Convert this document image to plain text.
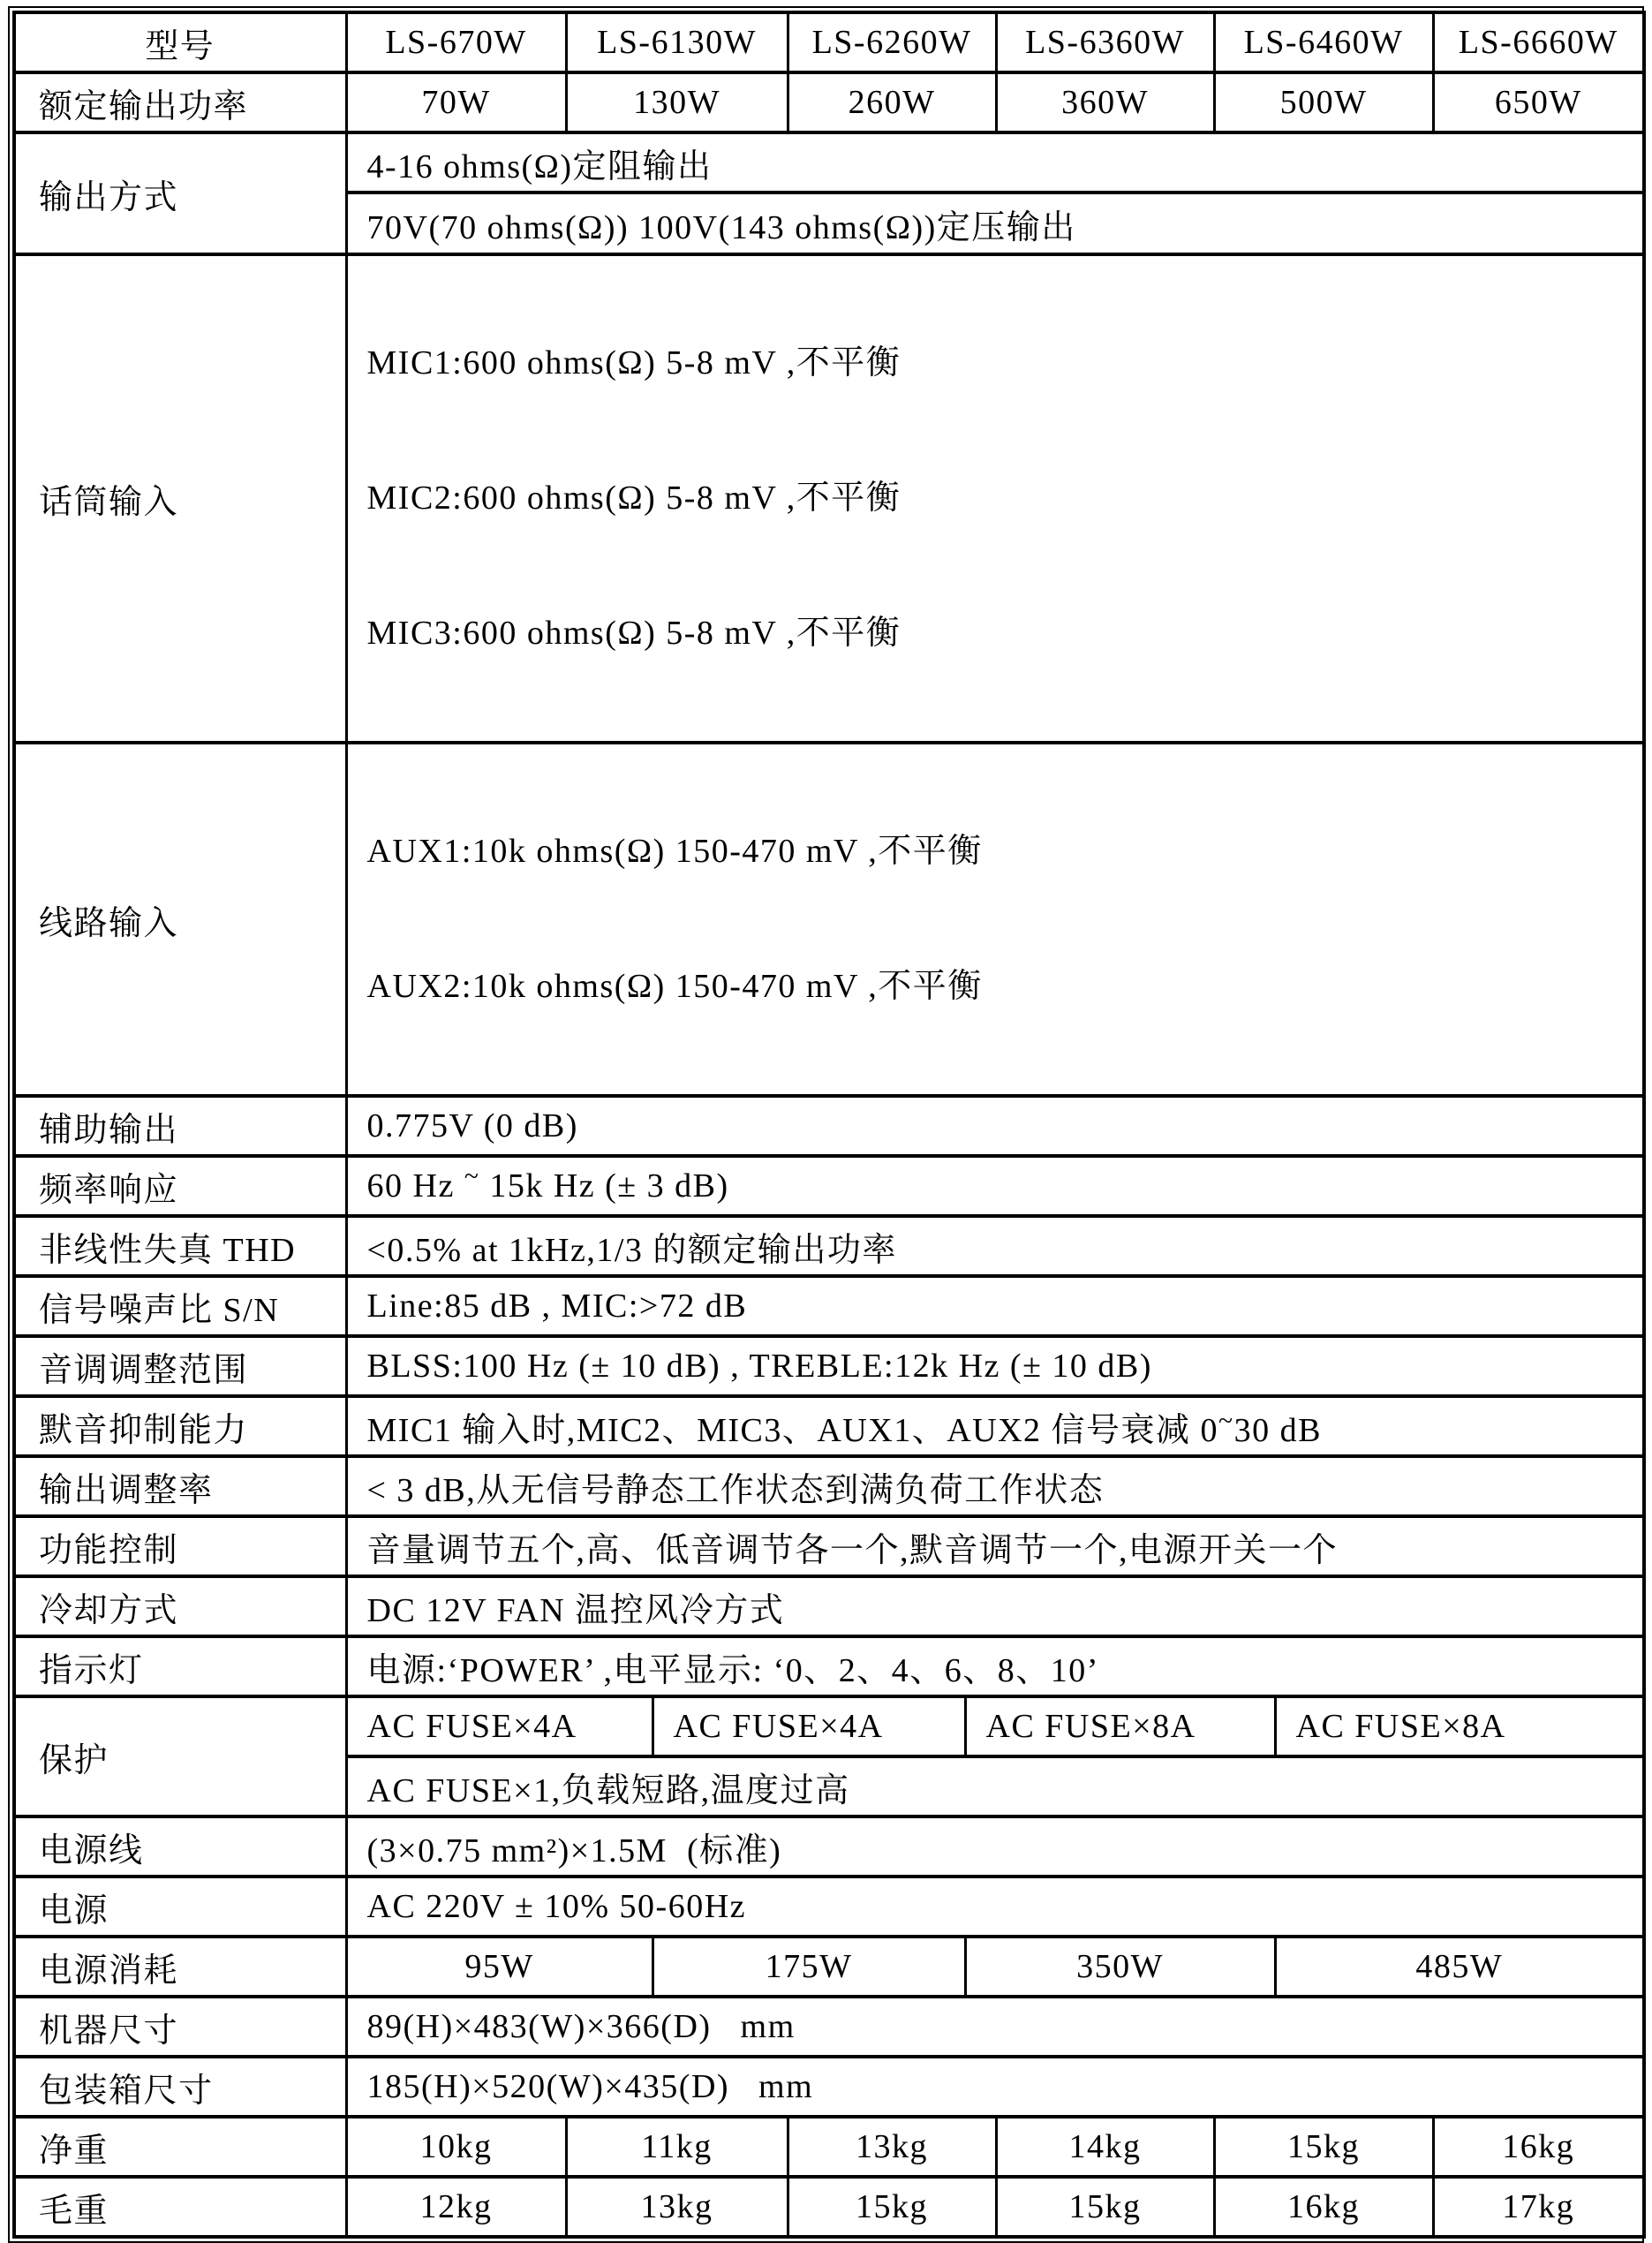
型号	LS-670W	LS-6130W		LS-6260W		LS-6360W	LS-6460W		LS-6660W
额定输出功率	70W	130W		260W		360W	500W		650W
输出方式	4-16 ohms(Ω)定阻输出								
	70V(70 ohms(Ω)) 100V(143 ohms(Ω))定压输出								
话筒输入	MIC1:600 ohms(Ω) 5-8 mV ,不平衡

MIC2:600 ohms(Ω) 5-8 mV ,不平衡

MIC3:600 ohms(Ω) 5-8 mV ,不平衡								

线路输入	AUX1:10k ohms(Ω) 150-470 mV ,不平衡

AUX2:10k ohms(Ω) 150-470 mV ,不平衡								

辅助输出	0.775V (0 dB)								
频率响应	60 Hz ~ 15k Hz (± 3 dB)								
非线性失真 THD	<0.5% at 1kHz,1/3 的额定输出功率								
信号噪声比 S/N	Line:85 dB , MIC:>72 dB								
音调调整范围	BLSS:100 Hz (± 10 dB) , TREBLE:12k Hz (± 10 dB)								
默音抑制能力	MIC1 输入时,MIC2、MIC3、AUX1、AUX2 信号衰减 0~30 dB								
输出调整率	< 3 dB,从无信号静态工作状态到满负荷工作状态								
功能控制	音量调节五个,高、低音调节各一个,默音调节一个,电源开关一个								
冷却方式	DC 12V FAN 温控风冷方式								
指示灯	电源:‘POWER’ ,电平显示: ‘0、2、4、6、8、10’								
保护	AC FUSE×4A		AC FUSE×4A		AC FUSE×8A			AC FUSE×8A	
	AC FUSE×1,负载短路,温度过高								
电源线	(3×0.75 mm²)×1.5M  (标准)								
电源	AC 220V ± 10% 50-60Hz								
电源消耗	95W		175W		350W			485W	
机器尺寸	89(H)×483(W)×366(D)   mm								
包装箱尺寸	185(H)×520(W)×435(D)   mm								
净重	10kg	11kg		13kg		14kg	15kg		16kg
毛重	12kg	13kg		15kg		15kg	16kg		17kg
